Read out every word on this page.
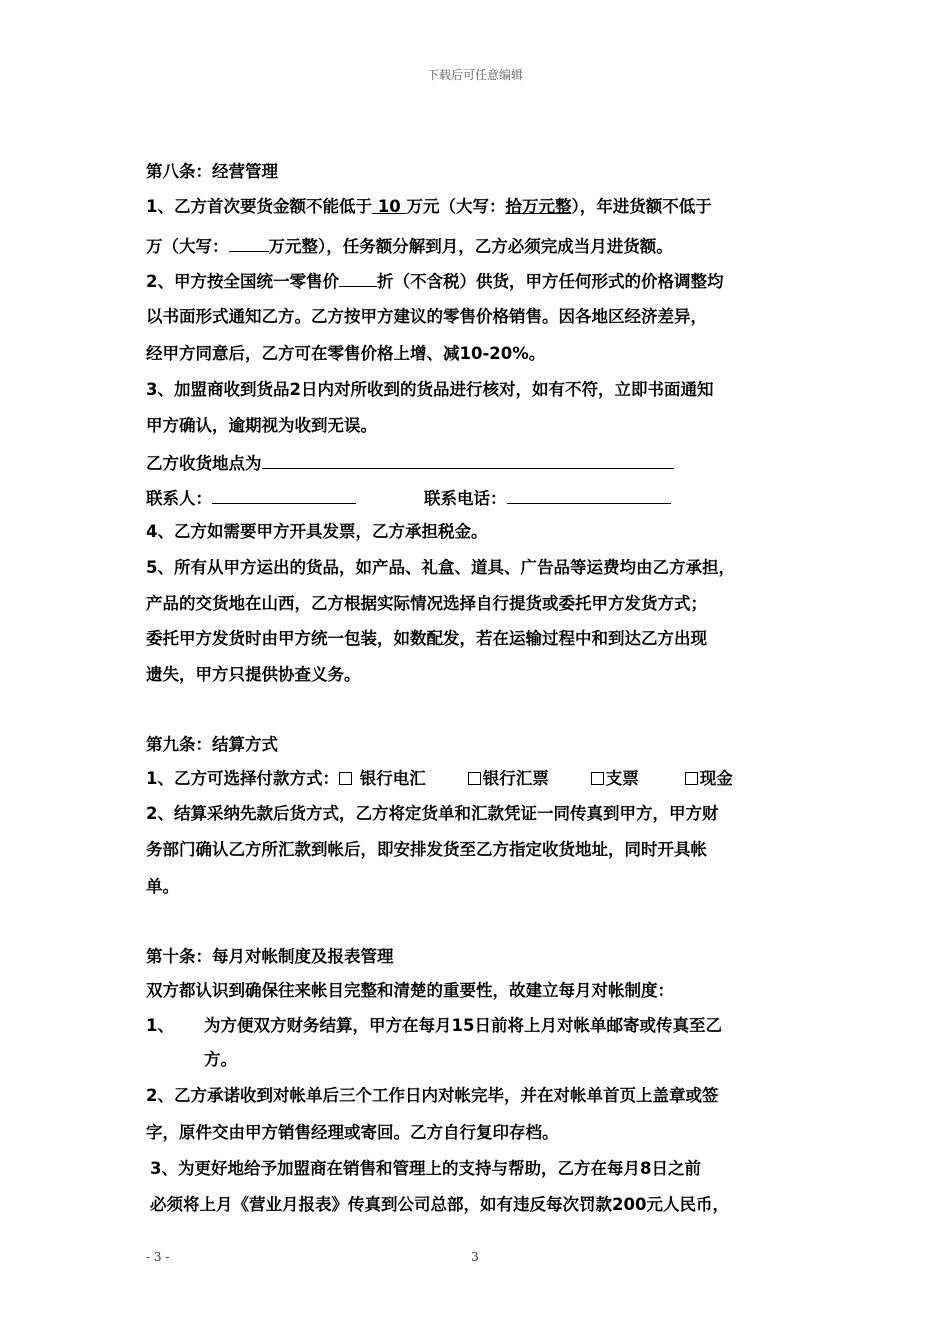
下载后可任意编辑
第八条：经营管理
1、乙方首次要货金额不能低于 10 万元（大写：拾万元整），年进货额不低于
万（大写： 万元整），任务额分解到月，乙方必须完成当月进货额。
2、甲方按全国统一零售价 折（不含税）供货，甲方任何形式的价格调整均
以书面形式通知乙方。乙方按甲方建议的零售价格销售。因各地区经济差异，
经甲方同意后，乙方可在零售价格上增、减10-20%。
3、加盟商收到货品2日内对所收到的货品进行核对，如有不符，立即书面通知
甲方确认，逾期视为收到无误。
乙方收货地点为
联系人：	联系电话：
4、乙方如需要甲方开具发票，乙方承担税金。
5、所有从甲方运出的货品，如产品、礼盒、道具、广告品等运费均由乙方承担，
产品的交货地在山西，乙方根据实际情况选择自行提货或委托甲方发货方式；
委托甲方发货时由甲方统一包装，如数配发，若在运输过程中和到达乙方出现
遗失，甲方只提供协查义务。
第九条：结算方式
1、乙方可选择付款方式： 银行电汇	银行汇票	支票	现金
2、结算采纳先款后货方式，乙方将定货单和汇款凭证一同传真到甲方，甲方财
务部门确认乙方所汇款到帐后，即安排发货至乙方指定收货地址，同时开具帐
单。
第十条：每月对帐制度及报表管理
双方都认识到确保往来帐目完整和清楚的重要性，故建立每月对帐制度：
1、 为方便双方财务结算，甲方在每月15日前将上月对帐单邮寄或传真至乙
方。
2、乙方承诺收到对帐单后三个工作日内对帐完毕，并在对帐单首页上盖章或签
字，原件交由甲方销售经理或寄回。乙方自行复印存档。
3、为更好地给予加盟商在销售和管理上的支持与帮助，乙方在每月8日之前
必须将上月《营业月报表》传真到公司总部，如有违反每次罚款200元人民币，
- 3 -	3
